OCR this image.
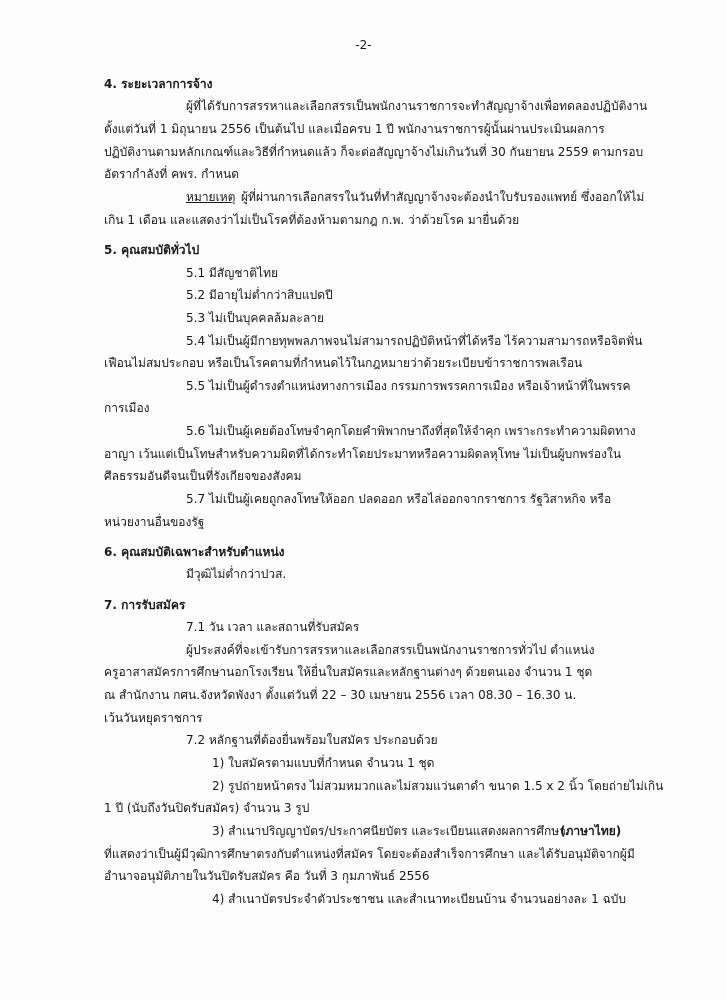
-2-
4. ระยะเวลาการจ้าง
ผู้ที่ได้รับการสรรหาและเลือกสรรเป็นพนักงานราชการจะทำสัญญาจ้างเพื่อทดลองปฏิบัติงาน
ตั้งแต่วันที่ 1 มิถุนายน 2556 เป็นต้นไป และเมื่อครบ 1 ปี พนักงานราชการผู้นั้นผ่านประเมินผลการ
ปฏิบัติงานตามหลักเกณฑ์และวิธีที่กำหนดแล้ว ก็จะต่อสัญญาจ้างไม่เกินวันที่ 30 กันยายน 2559 ตามกรอบ
อัตรากำลังที่ คพร. กำหนด
หมายเหตุ ผู้ที่ผ่านการเลือกสรรในวันที่ทำสัญญาจ้างจะต้องนำใบรับรองแพทย์ ซึ่งออกให้ไม่
เกิน 1 เดือน และแสดงว่าไม่เป็นโรคที่ต้องห้ามตามกฎ ก.พ. ว่าด้วยโรค มายื่นด้วย
5. คุณสมบัติทั่วไป
5.1 มีสัญชาติไทย
5.2 มีอายุไม่ต่ำกว่าสิบแปดปี
5.3 ไม่เป็นบุคคลล้มละลาย
5.4 ไม่เป็นผู้มีกายทุพพลภาพจนไม่สามารถปฏิบัติหน้าที่ได้หรือ ไร้ความสามารถหรือจิตฟั่น
เฟือนไม่สมประกอบ หรือเป็นโรคตามที่กำหนดไว้ในกฎหมายว่าด้วยระเบียบข้าราชการพลเรือน
5.5 ไม่เป็นผู้ดำรงตำแหน่งทางการเมือง กรรมการพรรคการเมือง หรือเจ้าหน้าที่ในพรรค
การเมือง
5.6 ไม่เป็นผู้เคยต้องโทษจำคุกโดยคำพิพากษาถึงที่สุดให้จำคุก เพราะกระทำความผิดทาง
อาญา เว้นแต่เป็นโทษสำหรับความผิดที่ได้กระทำโดยประมาทหรือความผิดลหุโทษ ไม่เป็นผู้บกพร่องใน
ศีลธรรมอันดีจนเป็นที่รังเกียจของสังคม
5.7 ไม่เป็นผู้เคยถูกลงโทษให้ออก ปลดออก หรือไล่ออกจากราชการ รัฐวิสาหกิจ หรือ
หน่วยงานอื่นของรัฐ
6. คุณสมบัติเฉพาะสำหรับตำแหน่ง
มีวุฒิไม่ต่ำกว่าปวส.
7. การรับสมัคร
7.1 วัน เวลา และสถานที่รับสมัคร
ผู้ประสงค์ที่จะเข้ารับการสรรหาและเลือกสรรเป็นพนักงานราชการทั่วไป ตำแหน่ง
ครูอาสาสมัครการศึกษานอกโรงเรียน ให้ยื่นใบสมัครและหลักฐานต่างๆ ด้วยตนเอง จำนวน 1 ชุด
ณ สำนักงาน กศน.จังหวัดพังงา ตั้งแต่วันที่ 22 – 30 เมษายน 2556 เวลา 08.30 – 16.30 น.
เว้นวันหยุดราชการ
7.2 หลักฐานที่ต้องยื่นพร้อมใบสมัคร ประกอบด้วย
1) ใบสมัครตามแบบที่กำหนด จำนวน 1 ชุด
2) รูปถ่ายหน้าตรง ไม่สวมหมวกและไม่สวมแว่นตาดำ ขนาด 1.5 x 2 นิ้ว โดยถ่ายไม่เกิน
1 ปี (นับถึงวันปิดรับสมัคร) จำนวน 3 รูป
3) สำเนาปริญญาบัตร/ประกาศนียบัตร และระเบียนแสดงผลการศึกษา
(ภาษาไทย)
ที่แสดงว่าเป็นผู้มีวุฒิการศึกษาตรงกับตำแหน่งที่สมัคร โดยจะต้องสำเร็จการศึกษา และได้รับอนุมัติจากผู้มี
อำนาจอนุมัติภายในวันปิดรับสมัคร คือ วันที่ 3 กุมภาพันธ์ 2556
4) สำเนาบัตรประจำตัวประชาชน และสำเนาทะเบียนบ้าน จำนวนอย่างละ 1 ฉบับ
